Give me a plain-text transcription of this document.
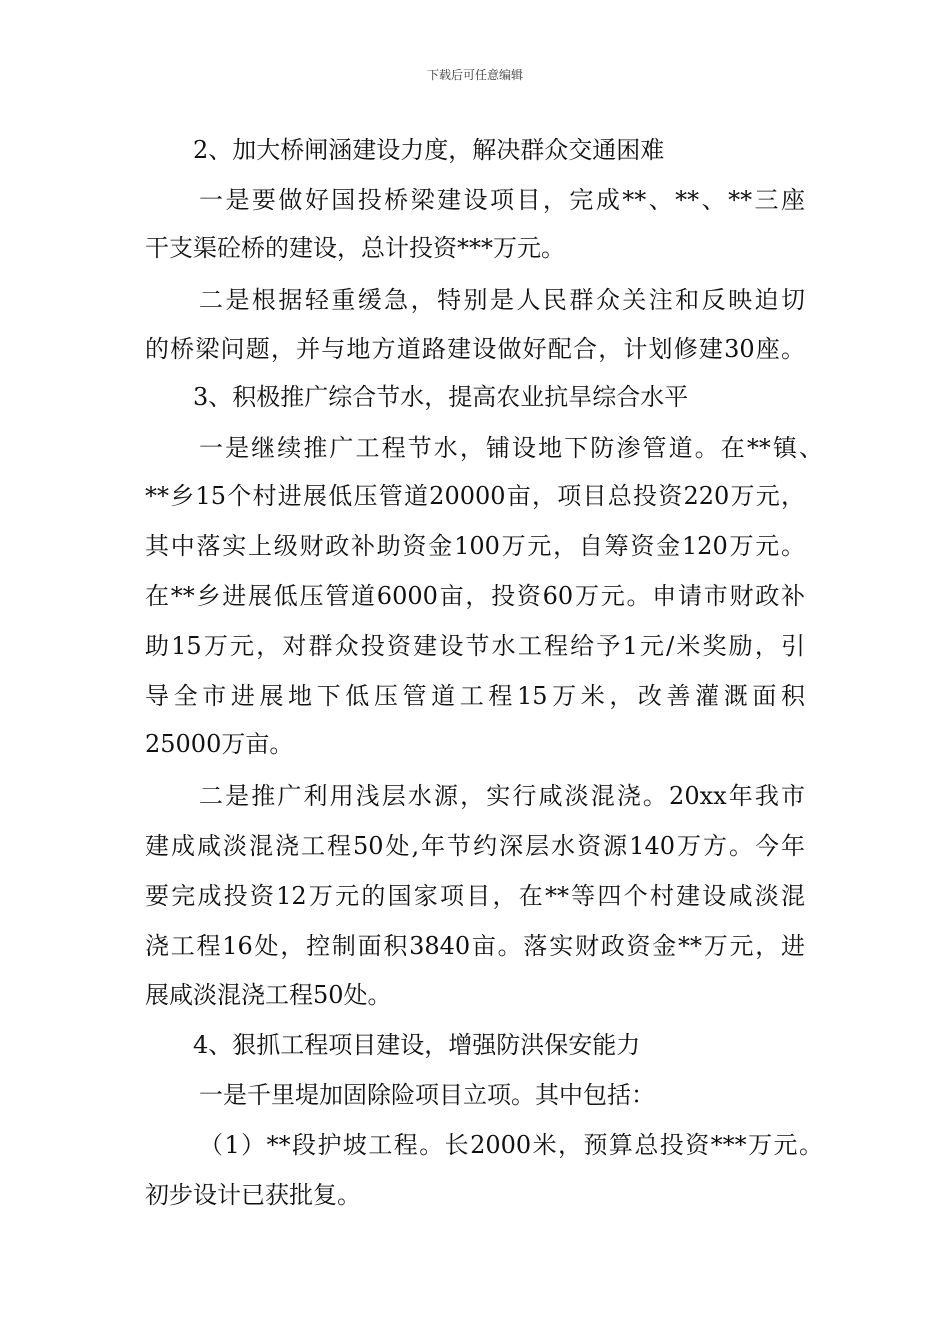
下载后可任意编辑
2、加大桥闸涵建设力度，解决群众交通困难
一是要做好国投桥梁建设项目，完成**、**、**三座
干支渠砼桥的建设，总计投资***万元。
二是根据轻重缓急，特别是人民群众关注和反映迫切
的桥梁问题，并与地方道路建设做好配合，计划修建30座。
3、积极推广综合节水，提高农业抗旱综合水平
一是继续推广工程节水，铺设地下防渗管道。在**镇、
**乡15个村进展低压管道20000亩，项目总投资220万元，
其中落实上级财政补助资金100万元，自筹资金120万元。
在**乡进展低压管道6000亩，投资60万元。申请市财政补
助15万元，对群众投资建设节水工程给予1元/米奖励，引
导全市进展地下低压管道工程15万米，改善灌溉面积
25000万亩。
二是推广利用浅层水源，实行咸淡混浇。20xx年我市
建成咸淡混浇工程50处,年节约深层水资源140万方。今年
要完成投资12万元的国家项目，在**等四个村建设咸淡混
浇工程16处，控制面积3840亩。落实财政资金**万元，进
展咸淡混浇工程50处。
4、狠抓工程项目建设，增强防洪保安能力
一是千里堤加固除险项目立项。其中包括：
（1）**段护坡工程。长2000米，预算总投资***万元。
初步设计已获批复。
